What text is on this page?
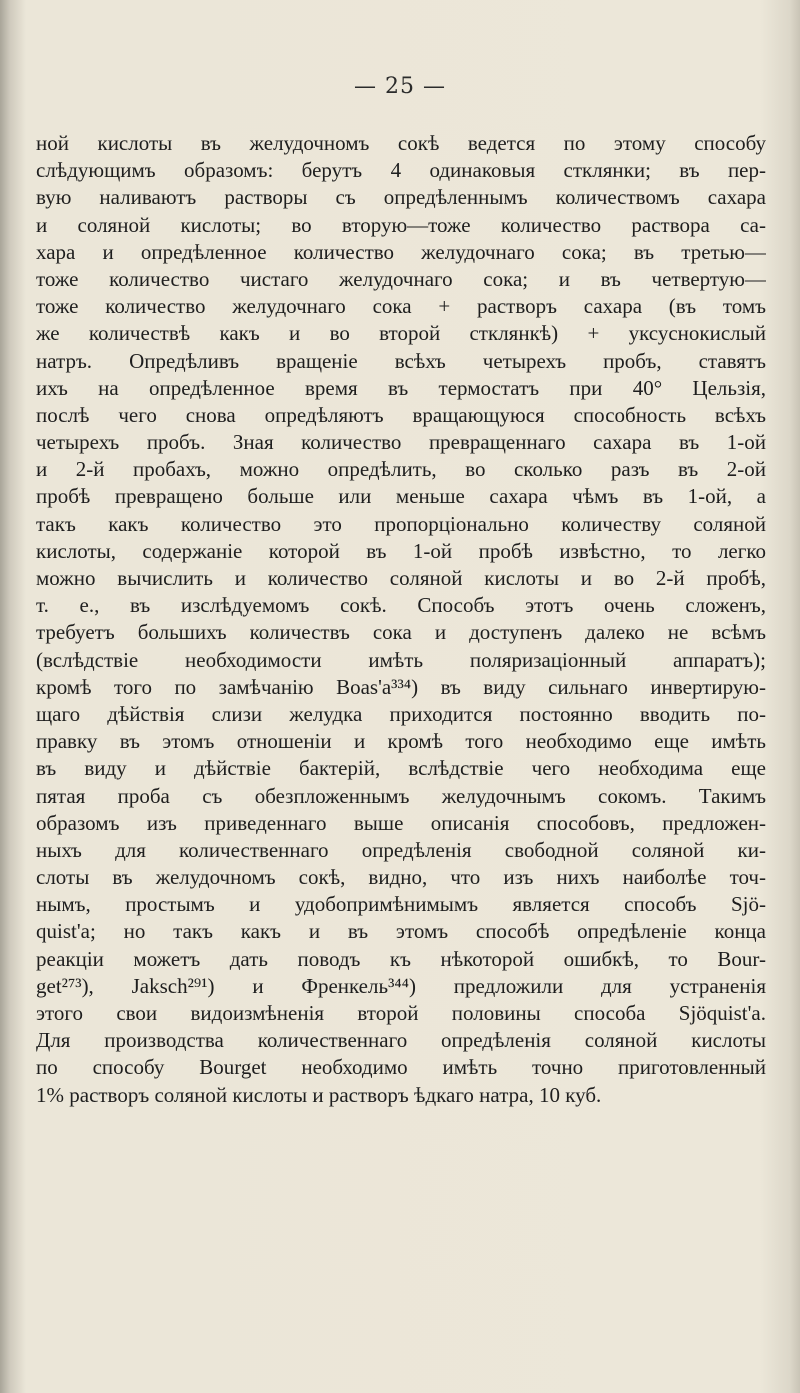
— 25 —
ной кислоты въ желудочномъ сокѣ ведется по этому способу
слѣдующимъ образомъ: берутъ 4 одинаковыя стклянки; въ пер-
вую наливаютъ растворы съ опредѣленнымъ количествомъ сахара
и соляной кислоты; во вторую—тоже количество раствора са-
хара и опредѣленное количество желудочнаго сока; въ третью—
тоже количество чистаго желудочнаго сока; и въ четвертую—
тоже количество желудочнаго сока + растворъ сахара (въ томъ
же количествѣ какъ и во второй стклянкѣ) + уксуснокислый
натръ. Опредѣливъ вращеніе всѣхъ четырехъ пробъ, ставятъ
ихъ на опредѣленное время въ термостатъ при 40° Цельзія,
послѣ чего снова опредѣляютъ вращающуюся способность всѣхъ
четырехъ пробъ. Зная количество превращеннаго сахара въ 1-ой
и 2-й пробахъ, можно опредѣлить, во сколько разъ въ 2-ой
пробѣ превращено больше или меньше сахара чѣмъ въ 1-ой, а
такъ какъ количество это пропорціонально количеству соляной
кислоты, содержаніе которой въ 1-ой пробѣ извѣстно, то легко
можно вычислить и количество соляной кислоты и во 2-й пробѣ,
т. е., въ изслѣдуемомъ сокѣ. Способъ этотъ очень сложенъ,
требуетъ большихъ количествъ сока и доступенъ далеко не всѣмъ
(вслѣдствіе необходимости имѣть поляризаціонный аппаратъ);
кромѣ того по замѣчанію Boas'а³³⁴) въ виду сильнаго инвертирую-
щаго дѣйствія слизи желудка приходится постоянно вводить по-
правку въ этомъ отношеніи и кромѣ того необходимо еще имѣть
въ виду и дѣйствіе бактерій, вслѣдствіе чего необходима еще
пятая проба съ обезпложеннымъ желудочнымъ сокомъ. Такимъ
образомъ изъ приведеннаго выше описанія способовъ, предложен-
ныхъ для количественнаго опредѣленія свободной соляной ки-
слоты въ желудочномъ сокѣ, видно, что изъ нихъ наиболѣе точ-
нымъ, простымъ и удобопримѣнимымъ является способъ Sjö-
quist'а; но такъ какъ и въ этомъ способѣ опредѣленіе конца
реакціи можетъ дать поводъ къ нѣкоторой ошибкѣ, то Bour-
get²⁷³), Jaksch²⁹¹) и Френкель³⁴⁴) предложили для устраненія
этого свои видоизмѣненія второй половины способа Sjöquist'а.
Для производства количественнаго опредѣленія соляной кислоты
по способу Bourget необходимо имѣть точно приготовленный
1% растворъ соляной кислоты и растворъ ѣдкаго натра, 10 куб.
